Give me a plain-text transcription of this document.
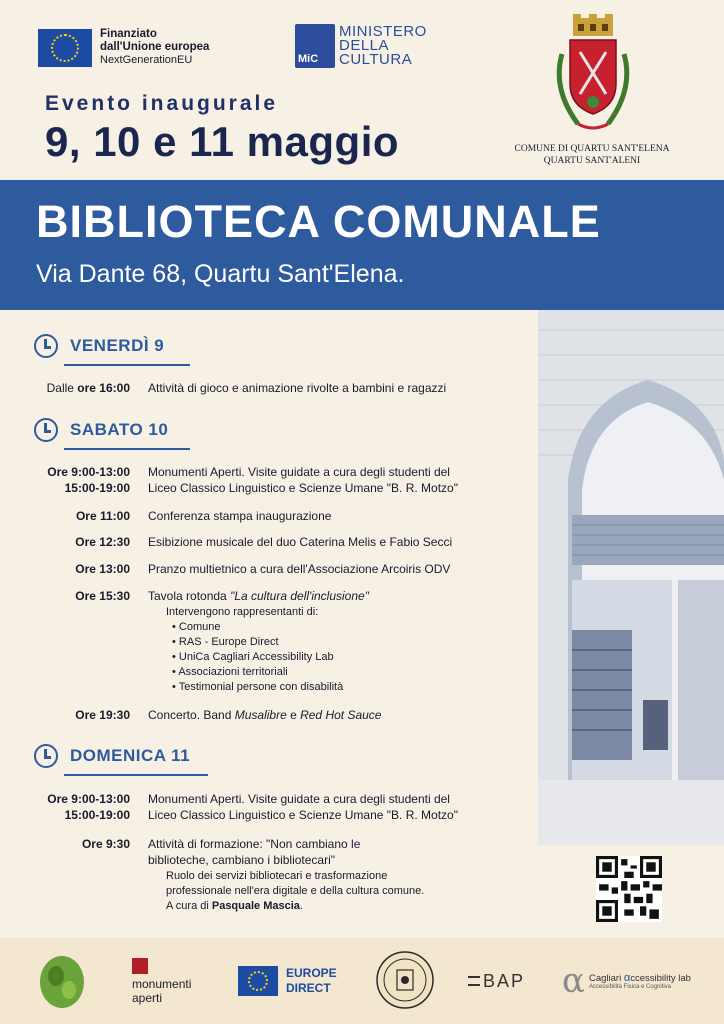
Finanziato
dall'Unione europea
NextGenerationEU	MiC
MINISTERO
DELLA
CULTURA
COMUNE DI QUARTU SANT'ELENA
QUARTU SANT'ALENI
Evento inaugurale
9, 10 e 11 maggio
BIBLIOTECA COMUNALE
Via Dante 68, Quartu Sant'Elena.
VENERDÌ 9
Dalle ore 16:00 Attività di gioco e animazione rivolte a bambini e ragazzi
SABATO 10
Ore 9:00-13:00
15:00-19:00
Monumenti Aperti. Visite guidate a cura degli studenti del
Liceo Classico Linguistico e Scienze Umane "B. R. Motzo"
Ore 11:00 Conferenza stampa inaugurazione
Ore 12:30 Esibizione musicale del duo Caterina Melis e Fabio Secci
Ore 13:00 Pranzo multietnico a cura dell'Associazione Arcoiris ODV
Ore 15:30 Tavola rotonda "La cultura dell'inclusione"
Intervengono rappresentanti di:
• Comune
• RAS - Europe Direct
• UniCa Cagliari Accessibility Lab
• Associazioni territoriali
• Testimonial persone con disabilità
Ore 19:30 Concerto. Band Musalibre e Red Hot Sauce
DOMENICA 11
Ore 9:00-13:00
15:00-19:00
Monumenti Aperti. Visite guidate a cura degli studenti del
Liceo Classico Linguistico e Scienze Umane "B. R. Motzo"
Ore 9:30 Attività di formazione: "Non cambiano le
biblioteche, cambiano i bibliotecari"
Ruolo dei servizi bibliotecari e trasformazione
professionale nell'era digitale e della cultura comune.
A cura di Pasquale Mascia.
monumenti
aperti
EUROPE
DIRECT	BAP α Cagliari αccessibility lab
Accessibilità Fisica e Cognitiva
